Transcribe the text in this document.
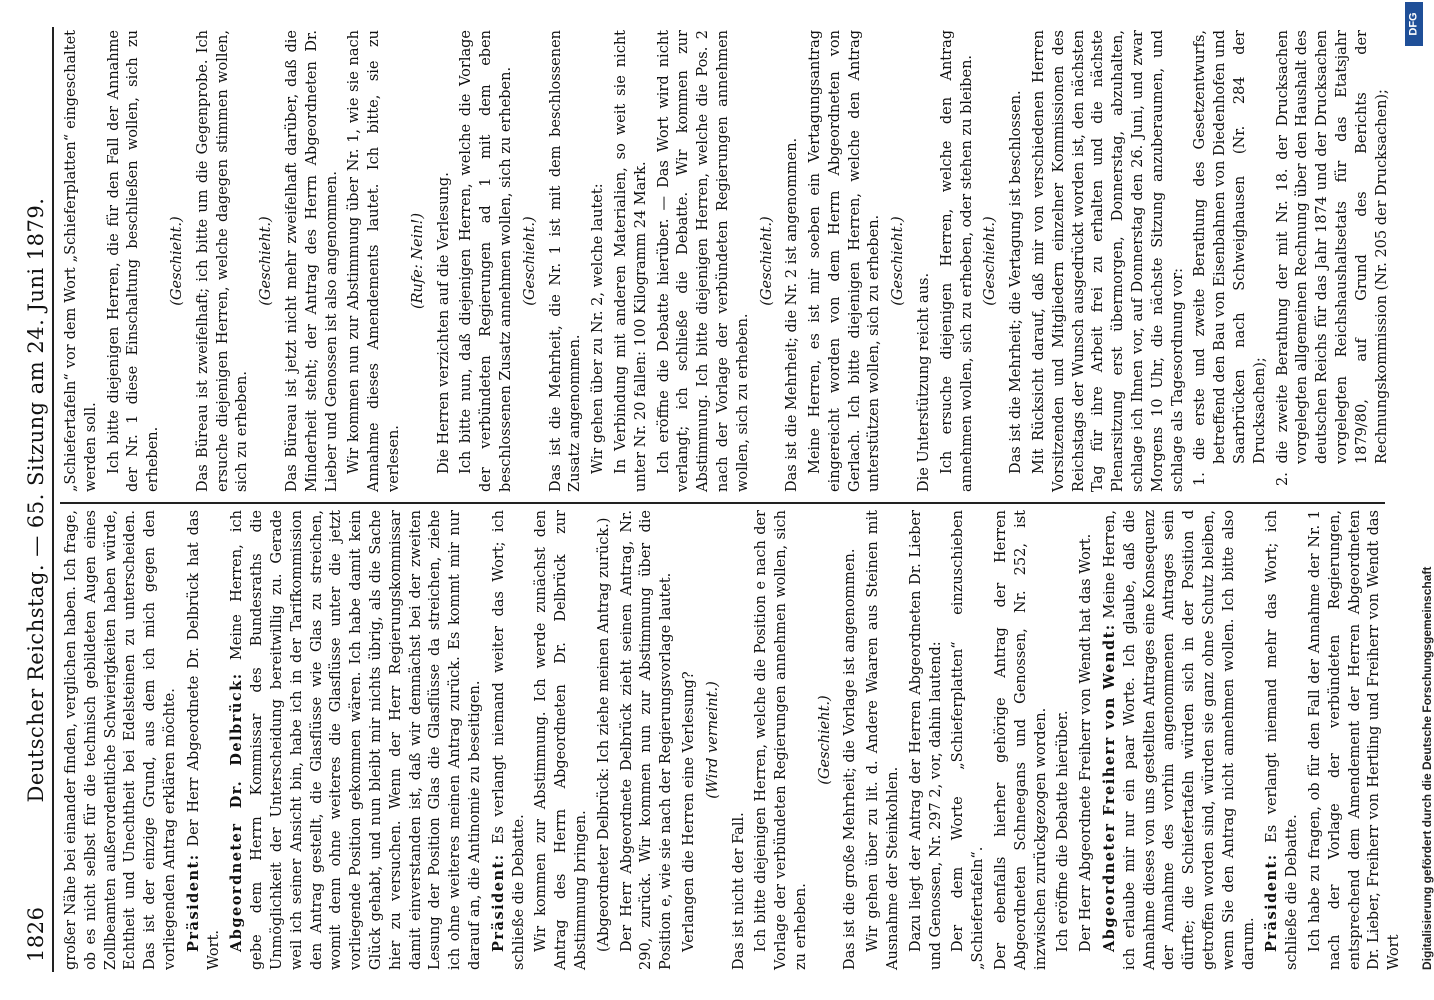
1826
Deutscher Reichstag. — 65. Sitzung am 24. Juni 1879. großer Nähe bei einander finden, verglichen haben. Ich frage, ob es nicht selbst für die technisch gebildeten Augen eines Zollbeamten außerordentliche Schwierigkeiten haben würde, Echtheit und Unechtheit bei Edelsteinen zu unterscheiden. Das ist der einzige Grund, aus dem ich mich gegen den vorliegenden Antrag erklären möchte. Präsident: Der Herr Abgeordnete Dr. Delbrück hat das Wort. Abgeordneter Dr. Delbrück: Meine Herren, ich gebe dem Herrn Kommissar des Bundesraths die Unmöglichkeit der Unterscheidung bereitwillig zu. Gerade weil ich seiner Ansicht bin, habe ich in der Tarifkommission den Antrag gestellt, die Glasflüsse wie Glas zu streichen, womit denn ohne weiteres die Glasflüsse unter die jetzt vorliegende Position gekommen wären. Ich habe damit kein Glück gehabt, und nun bleibt mir nichts übrig, als die Sache hier zu versuchen. Wenn der Herr Regierungskommissar damit einverstanden ist, daß wir demnächst bei der zweiten Lesung der Position Glas die Glasflüsse da streichen, ziehe ich ohne weiteres meinen Antrag zurück. Es kommt mir nur darauf an, die Antinomie zu beseitigen. Präsident: Es verlangt niemand weiter das Wort; ich schließe die Debatte. Wir kommen zur Abstimmung. Ich werde zunächst den Antrag des Herrn Abgeordneten Dr. Delbrück zur Abstimmung bringen. (Abgeordneter Delbrück: Ich ziehe meinen Antrag zurück.) Der Herr Abgeordnete Delbrück zieht seinen Antrag, Nr. 290, zurück. Wir kommen nun zur Abstimmung über die Position e, wie sie nach der Regierungsvorlage lautet. Verlangen die Herren eine Verlesung? (Wird verneint.)

Das ist nicht der Fall. Ich bitte diejenigen Herren, welche die Position e nach der Vorlage der verbündeten Regierungen annehmen wollen, sich zu erheben.

(Geschieht.) Das ist die große Mehrheit; die Vorlage ist angenommen. Wir gehen über zu lit. d. Andere Waaren aus Steinen mit Ausnahme der Steinkohlen. Dazu liegt der Antrag der Herren Abgeordneten Dr. Lieber und Genossen, Nr. 297 2, vor, dahin lautend: Der dem Worte „Schieferplatten“ einzuschieben „Schiefertafeln“. Der ebenfalls hierher gehörige Antrag der Herren Abgeordneten Schneegans und Genossen, Nr. 252, ist inzwischen zurückgezogen worden. Ich eröffne die Debatte hierüber. Der Herr Abgeordnete Freiherr von Wendt hat das Wort. Abgeordneter Freiherr von Wendt: Meine Herren, ich erlaube mir nur ein paar Worte. Ich glaube, daß die Annahme dieses von uns gestellten Antrages eine Konsequenz der Annahme des vorhin angenommenen Antrages sein dürfte; die Schiefertafeln würden sich in der Position d getroffen worden sind, würden sie ganz ohne Schutz bleiben, wenn Sie den Antrag nicht annehmen wollen. Ich bitte also darum. Präsident: Es verlangt niemand mehr das Wort; ich schließe die Debatte. Ich habe zu fragen, ob für den Fall der Annahme der Nr. 1 nach der Vorlage der verbündeten Regierungen, entsprechend dem Amendement der Herren Abgeordneten Dr. Lieber, Freiherr von Hertling und Freiherr von Wendt das Wort

„Schiefertafeln“ vor dem Wort „Schieferplatten“ eingeschaltet werden soll. Ich bitte diejenigen Herren, die für den Fall der Annahme der Nr. 1 diese Einschaltung beschließen wollen, sich zu erheben.

(Geschieht.) Das Büreau ist zweifelhaft; ich bitte um die Gegenprobe. Ich ersuche diejenigen Herren, welche dagegen stimmen wollen, sich zu erheben.

(Geschieht.) Das Büreau ist jetzt nicht mehr zweifelhaft darüber, daß die Minderheit steht; der Antrag des Herrn Abgeordneten Dr. Lieber und Genossen ist also angenommen. Wir kommen nun zur Abstimmung über Nr. 1, wie sie nach Annahme dieses Amendements lautet. Ich bitte, sie zu verlesen.

(Rufe: Nein!) Die Herren verzichten auf die Verlesung. Ich bitte nun, daß diejenigen Herren, welche die Vorlage der verbündeten Regierungen ad 1 mit dem eben beschlossenen Zusatz annehmen wollen, sich zu erheben. (Geschieht.) Das ist die Mehrheit, die Nr. 1 ist mit dem beschlossenen Zusatz angenommen. Wir gehen über zu Nr. 2, welche lautet: In Verbindung mit anderen Materialien, so weit sie nicht unter Nr. 20 fallen: 100 Kilogramm 24 Mark. Ich eröffne die Debatte hierüber. — Das Wort wird nicht verlangt; ich schließe die Debatte. Wir kommen zur Abstimmung. Ich bitte diejenigen Herren, welche die Pos. 2 nach der Vorlage der verbündeten Regierungen annehmen wollen, sich zu erheben.

(Geschieht.) Das ist die Mehrheit; die Nr. 2 ist angenommen. Meine Herren, es ist mir soeben ein Vertagungsantrag eingereicht worden von dem Herrn Abgeordneten von Gerlach. Ich bitte diejenigen Herren, welche den Antrag unterstützen wollen, sich zu erheben. (Geschieht.)

Die Unterstützung reicht aus. Ich ersuche diejenigen Herren, welche den Antrag annehmen wollen, sich zu erheben, oder stehen zu bleiben. (Geschieht.) Das ist die Mehrheit; die Vertagung ist beschlossen. Mit Rücksicht darauf, daß mir von verschiedenen Herren Vorsitzenden und Mitgliedern einzelner Kommissionen des Reichstags der Wunsch ausgedrückt worden ist, den nächsten Tag für ihre Arbeit frei zu erhalten und die nächste Plenarsitzung erst übermorgen, Donnerstag, abzuhalten, schlage ich Ihnen vor, auf Donnerstag den 26. Juni, und zwar Morgens 10 Uhr, die nächste Sitzung anzuberaumen, und schlage als Tagesordnung vor: 1. die erste und zweite Berathung des Gesetzentwurfs, betreffend den Bau von Eisenbahnen von Diedenhofen und Saarbrücken nach Schweighausen (Nr. 284 der Drucksachen); 2. die zweite Berathung der mit Nr. 18. der Drucksachen vorgelegten allgemeinen Rechnung über den Haushalt des deutschen Reichs für das Jahr 1874 und der Drucksachen vorgelegten Reichshaushaltsetats für das Etatsjahr 1879/80, auf Grund des Berichts der Rechnungskommission (Nr. 205 der Drucksachen);

Digitalisierung gefördert durch die Deutsche Forschungsgemeinschaft
DFG
